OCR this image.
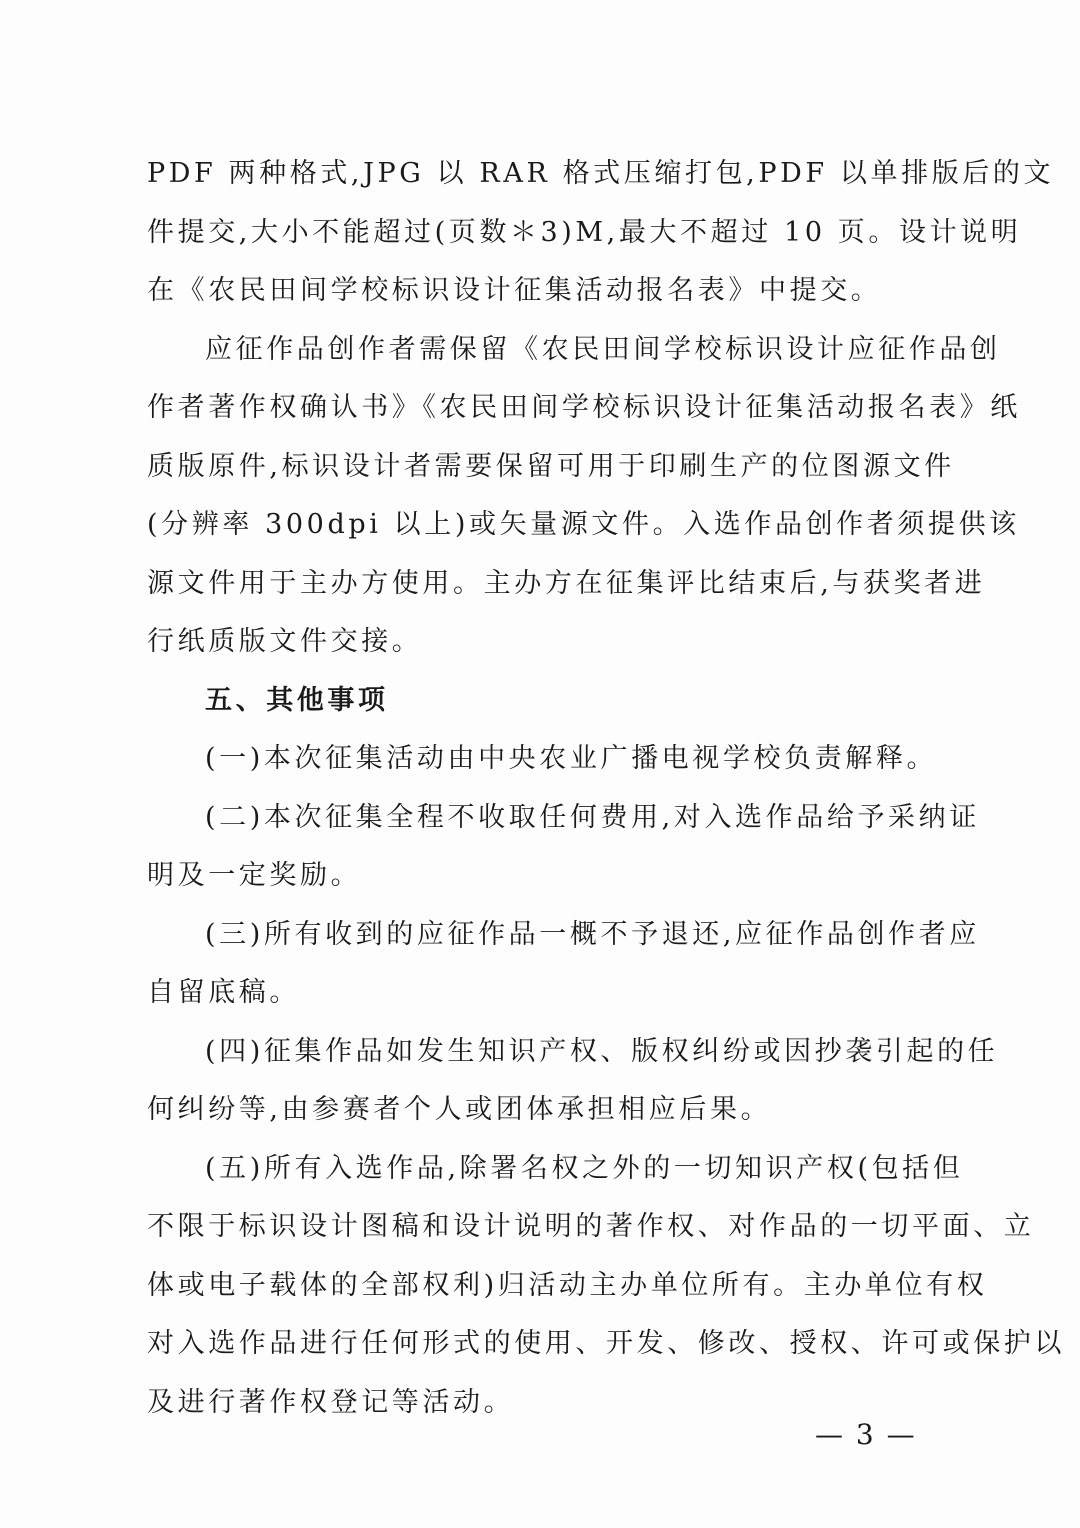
PDF 两种格式,JPG 以 RAR 格式压缩打包,PDF 以单排版后的文
件提交,大小不能超过(页数＊3)M,最大不超过 10 页。设计说明
在《农民田间学校标识设计征集活动报名表》中提交。
应征作品创作者需保留《农民田间学校标识设计应征作品创
作者著作权确认书》《农民田间学校标识设计征集活动报名表》纸
质版原件,标识设计者需要保留可用于印刷生产的位图源文件
(分辨率 300dpi 以上)或矢量源文件。入选作品创作者须提供该
源文件用于主办方使用。主办方在征集评比结束后,与获奖者进
行纸质版文件交接。
五、其他事项
(一)本次征集活动由中央农业广播电视学校负责解释。
(二)本次征集全程不收取任何费用,对入选作品给予采纳证
明及一定奖励。
(三)所有收到的应征作品一概不予退还,应征作品创作者应
自留底稿。
(四)征集作品如发生知识产权、版权纠纷或因抄袭引起的任
何纠纷等,由参赛者个人或团体承担相应后果。
(五)所有入选作品,除署名权之外的一切知识产权(包括但
不限于标识设计图稿和设计说明的著作权、对作品的一切平面、立
体或电子载体的全部权利)归活动主办单位所有。主办单位有权
对入选作品进行任何形式的使用、开发、修改、授权、许可或保护以
及进行著作权登记等活动。
— 3 —
